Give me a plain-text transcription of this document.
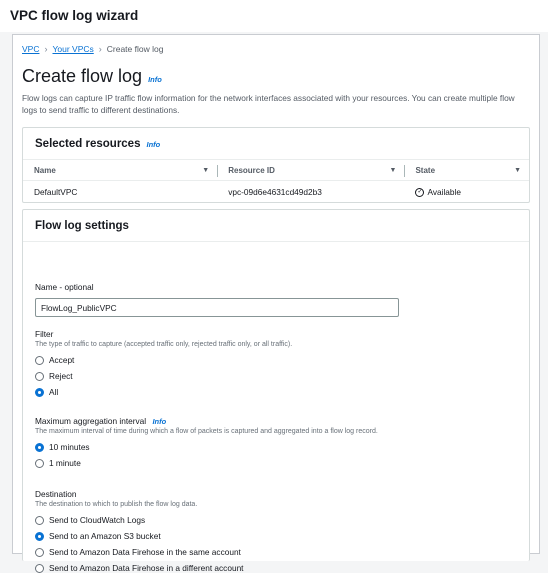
VPC flow log wizard
VPC › Your VPCs › Create flow log
Create flow log Info

Flow logs can capture IP traffic flow information for the network interfaces associated with your resources. You can create multiple flow logs to send traffic to different destinations.

Selected resources Info
Name	▼ Resource ID	▼ State	▼
DefaultVPC	vpc-09d6e4631cd49d2b3	✓ Available
Flow log settings
Name - optional
FlowLog_PublicVPC
Filter
The type of traffic to capture (accepted traffic only, rejected traffic only, or all traffic).
Accept
Reject
All
Maximum aggregation interval Info
The maximum interval of time during which a flow of packets is captured and aggregated into a flow log record.
10 minutes
1 minute
Destination
The destination to which to publish the flow log data.
Send to CloudWatch Logs
Send to an Amazon S3 bucket
Send to Amazon Data Firehose in the same account
Send to Amazon Data Firehose in a different account
